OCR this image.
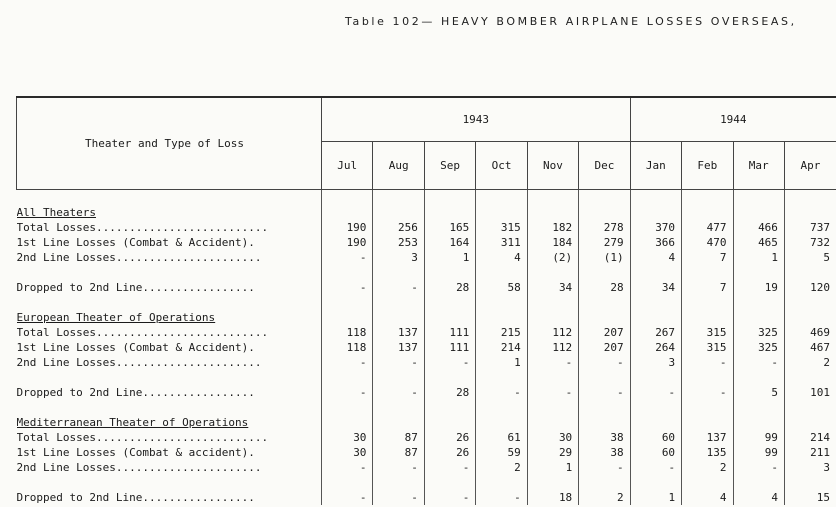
Table 102— HEAVY BOMBER AIRPLANE LOSSES OVERSEAS,
Theater and Type of Loss	1943						1944			
	Jul	Aug	Sep	Oct	Nov	Dec	Jan	Feb	Mar	Apr

All Theaters										
Total Losses..........................	190	256	165	315	182	278	370	477	466	737
1st Line Losses (Combat & Accident).	190	253	164	311	184	279	366	470	465	732
2nd Line Losses......................	-	3	1	4	(2)	(1)	4	7	1	5

Dropped to 2nd Line.................	-	-	28	58	34	28	34	7	19	120

European Theater of Operations										
Total Losses..........................	118	137	111	215	112	207	267	315	325	469
1st Line Losses (Combat & Accident).	118	137	111	214	112	207	264	315	325	467
2nd Line Losses......................	-	-	-	1	-	-	3	-	-	2

Dropped to 2nd Line.................	-	-	28	-	-	-	-	-	5	101

Mediterranean Theater of Operations										
Total Losses..........................	30	87	26	61	30	38	60	137	99	214
1st Line Losses (Combat & accident).	30	87	26	59	29	38	60	135	99	211
2nd Line Losses......................	-	-	-	2	1	-	-	2	-	3

Dropped to 2nd Line.................	-	-	-	-	18	2	1	4	4	15
